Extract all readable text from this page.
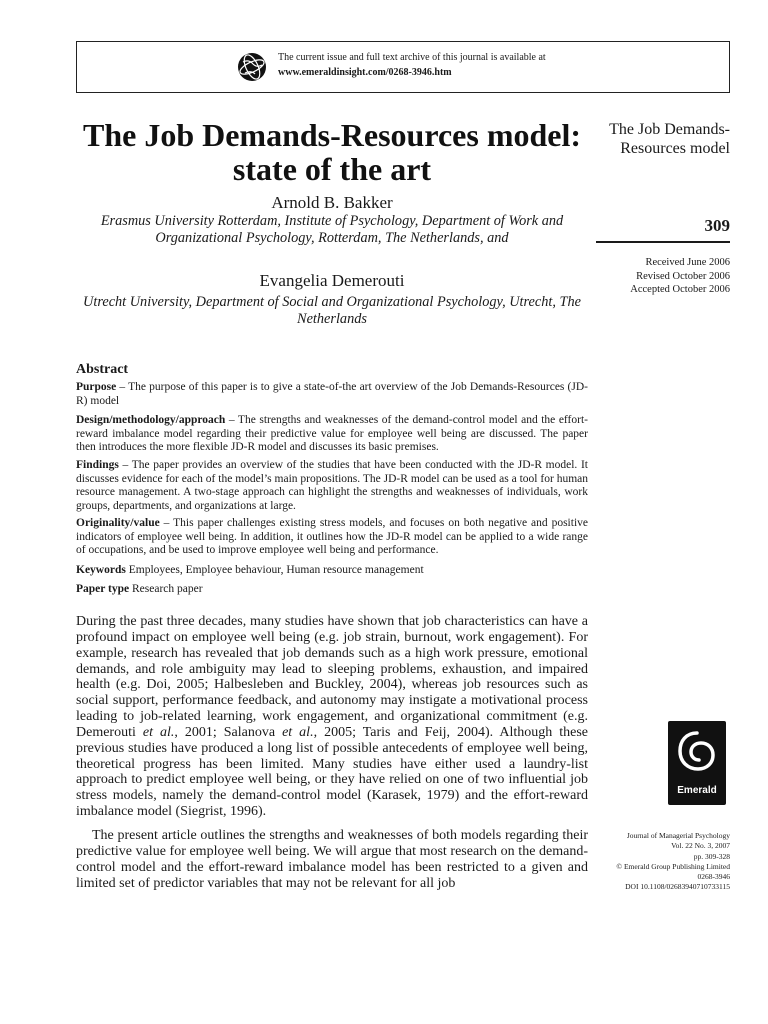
The current issue and full text archive of this journal is available at
www.emeraldinsight.com/0268-3946.htm
The Job Demands-Resources model: state of the art
Arnold B. Bakker
Erasmus University Rotterdam, Institute of Psychology, Department of Work and Organizational Psychology, Rotterdam, The Netherlands, and
Evangelia Demerouti
Utrecht University, Department of Social and Organizational Psychology, Utrecht, The Netherlands
The Job Demands-Resources model
309
Received June 2006
Revised October 2006
Accepted October 2006
Abstract
Purpose – The purpose of this paper is to give a state-of-the art overview of the Job Demands-Resources (JD-R) model
Design/methodology/approach – The strengths and weaknesses of the demand-control model and the effort-reward imbalance model regarding their predictive value for employee well being are discussed. The paper then introduces the more flexible JD-R model and discusses its basic premises.
Findings – The paper provides an overview of the studies that have been conducted with the JD-R model. It discusses evidence for each of the model’s main propositions. The JD-R model can be used as a tool for human resource management. A two-stage approach can highlight the strengths and weaknesses of individuals, work groups, departments, and organizations at large.
Originality/value – This paper challenges existing stress models, and focuses on both negative and positive indicators of employee well being. In addition, it outlines how the JD-R model can be applied to a wide range of occupations, and be used to improve employee well being and performance.
Keywords Employees, Employee behaviour, Human resource management
Paper type Research paper
During the past three decades, many studies have shown that job characteristics can have a profound impact on employee well being (e.g. job strain, burnout, work engagement). For example, research has revealed that job demands such as a high work pressure, emotional demands, and role ambiguity may lead to sleeping problems, exhaustion, and impaired health (e.g. Doi, 2005; Halbesleben and Buckley, 2004), whereas job resources such as social support, performance feedback, and autonomy may instigate a motivational process leading to job-related learning, work engagement, and organizational commitment (e.g. Demerouti et al., 2001; Salanova et al., 2005; Taris and Feij, 2004). Although these previous studies have produced a long list of possible antecedents of employee well being, theoretical progress has been limited. Many studies have either used a laundry-list approach to predict employee well being, or they have relied on one of two influential job stress models, namely the demand-control model (Karasek, 1979) and the effort-reward imbalance model (Siegrist, 1996).
The present article outlines the strengths and weaknesses of both models regarding their predictive value for employee well being. We will argue that most research on the demand-control model and the effort-reward imbalance model has been restricted to a given and limited set of predictor variables that may not be relevant for all job
Emerald
Journal of Managerial Psychology
Vol. 22 No. 3, 2007
pp. 309-328
© Emerald Group Publishing Limited
0268-3946
DOI 10.1108/02683940710733115
